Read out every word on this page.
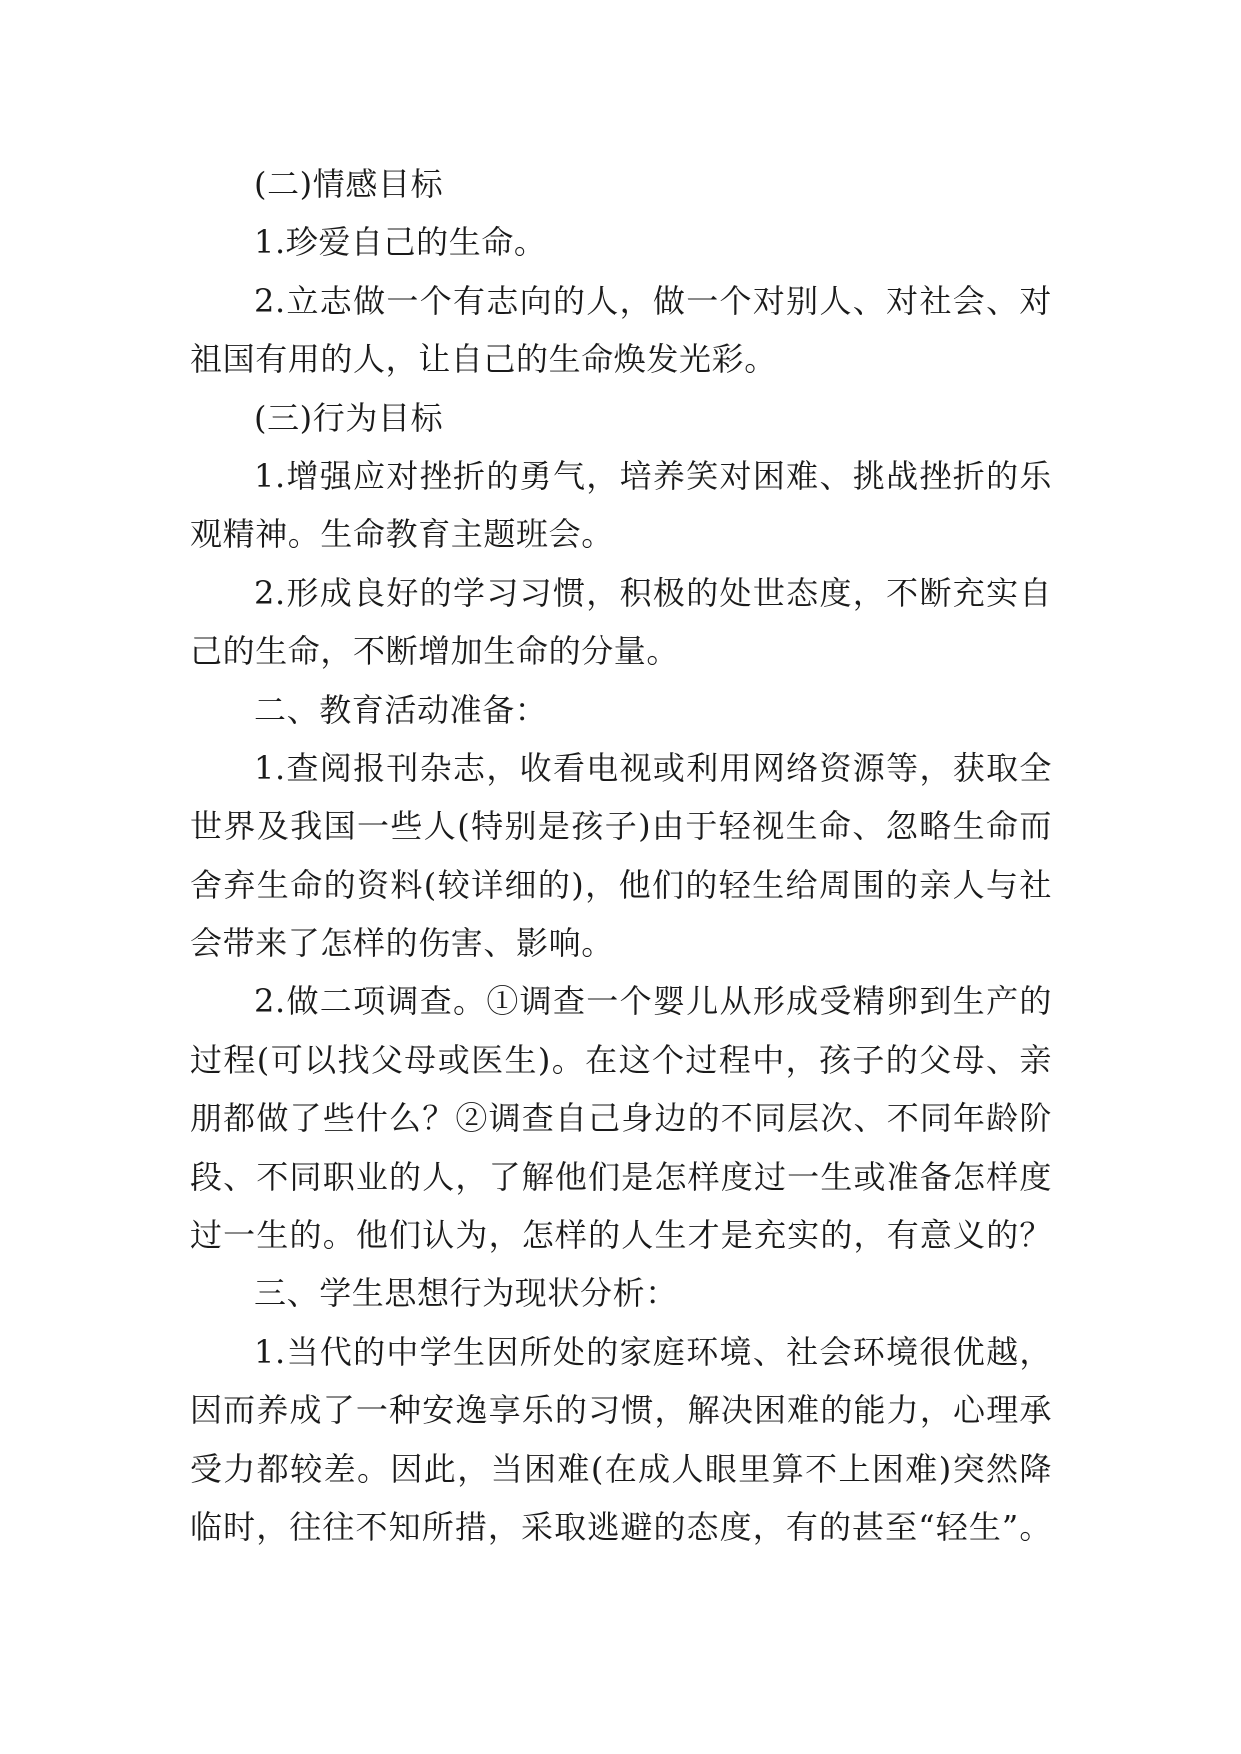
(二)情感目标
1.珍爱自己的生命。
2.立志做一个有志向的人，做一个对别人、对社会、对
祖国有用的人，让自己的生命焕发光彩。
(三)行为目标
1.增强应对挫折的勇气，培养笑对困难、挑战挫折的乐
观精神。生命教育主题班会。
2.形成良好的学习习惯，积极的处世态度，不断充实自
己的生命，不断增加生命的分量。
二、教育活动准备：
1.查阅报刊杂志，收看电视或利用网络资源等，获取全
世界及我国一些人(特别是孩子)由于轻视生命、忽略生命而
舍弃生命的资料(较详细的)，他们的轻生给周围的亲人与社
会带来了怎样的伤害、影响。
2.做二项调查。①调查一个婴儿从形成受精卵到生产的
过程(可以找父母或医生)。在这个过程中，孩子的父母、亲
朋都做了些什么？②调查自己身边的不同层次、不同年龄阶
段、不同职业的人，了解他们是怎样度过一生或准备怎样度
过一生的。他们认为，怎样的人生才是充实的，有意义的？
三、学生思想行为现状分析：
1.当代的中学生因所处的家庭环境、社会环境很优越，
因而养成了一种安逸享乐的习惯，解决困难的能力，心理承
受力都较差。因此，当困难(在成人眼里算不上困难)突然降
临时，往往不知所措，采取逃避的态度，有的甚至“轻生”。
